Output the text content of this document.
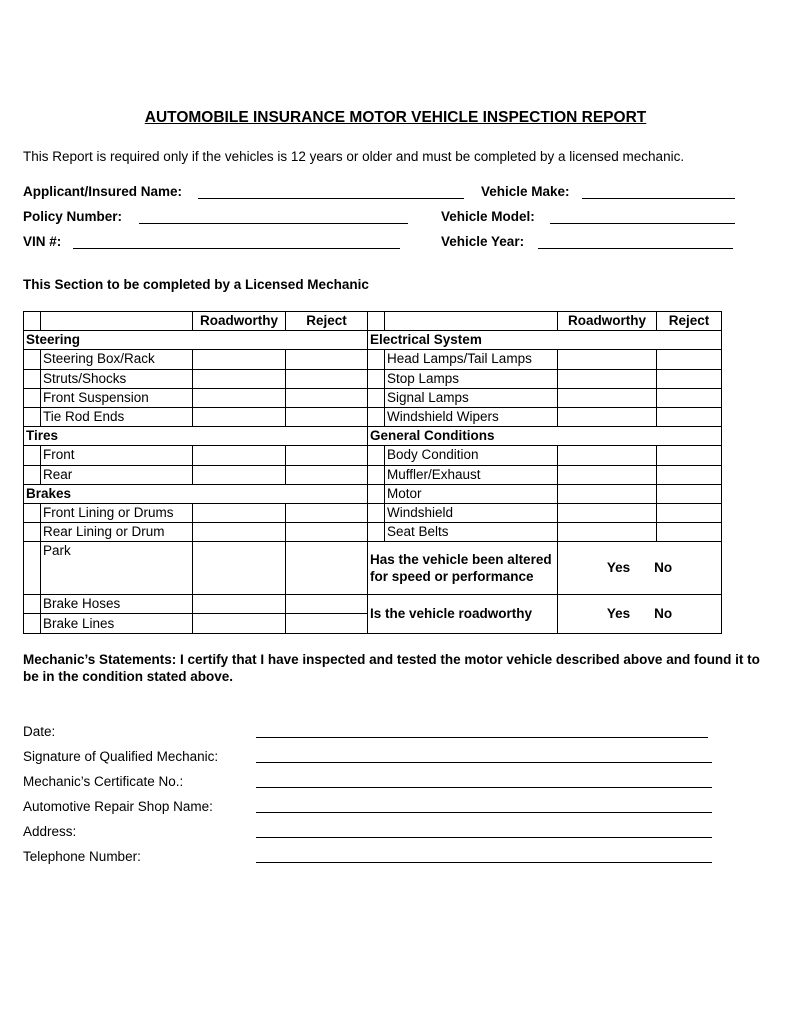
AUTOMOBILE INSURANCE MOTOR VEHICLE INSPECTION REPORT
This Report is required only if the vehicles is 12 years or older and must be completed by a licensed mechanic.
Applicant/Insured Name:
Policy Number:
VIN #:
Vehicle Make:
Vehicle Model:
Vehicle Year:
This Section to be completed by a Licensed Mechanic
		Roadworthy	Reject			Roadworthy	Reject
Steering				Electrical System			
	Steering Box/Rack				Head Lamps/Tail Lamps		
	Struts/Shocks				Stop Lamps		
	Front Suspension				Signal Lamps		
	Tie Rod Ends				Windshield Wipers		
Tires				General Conditions			
	Front				Body Condition		
	Rear				Muffler/Exhaust		
Brakes					Motor		
	Front Lining or Drums				Windshield		
	Rear Lining or Drum				Seat Belts		
	Park			Has the vehicle been altered for speed or performance		Yes No	
	Brake Hoses			Is the vehicle roadworthy		Yes No	
	Brake Lines						
Mechanic’s Statements: I certify that I have inspected and tested the motor vehicle described above and found it to be in the condition stated above.
Date:
Signature of Qualified Mechanic:
Mechanic’s Certificate No.:
Automotive Repair Shop Name:
Address:
Telephone Number:
